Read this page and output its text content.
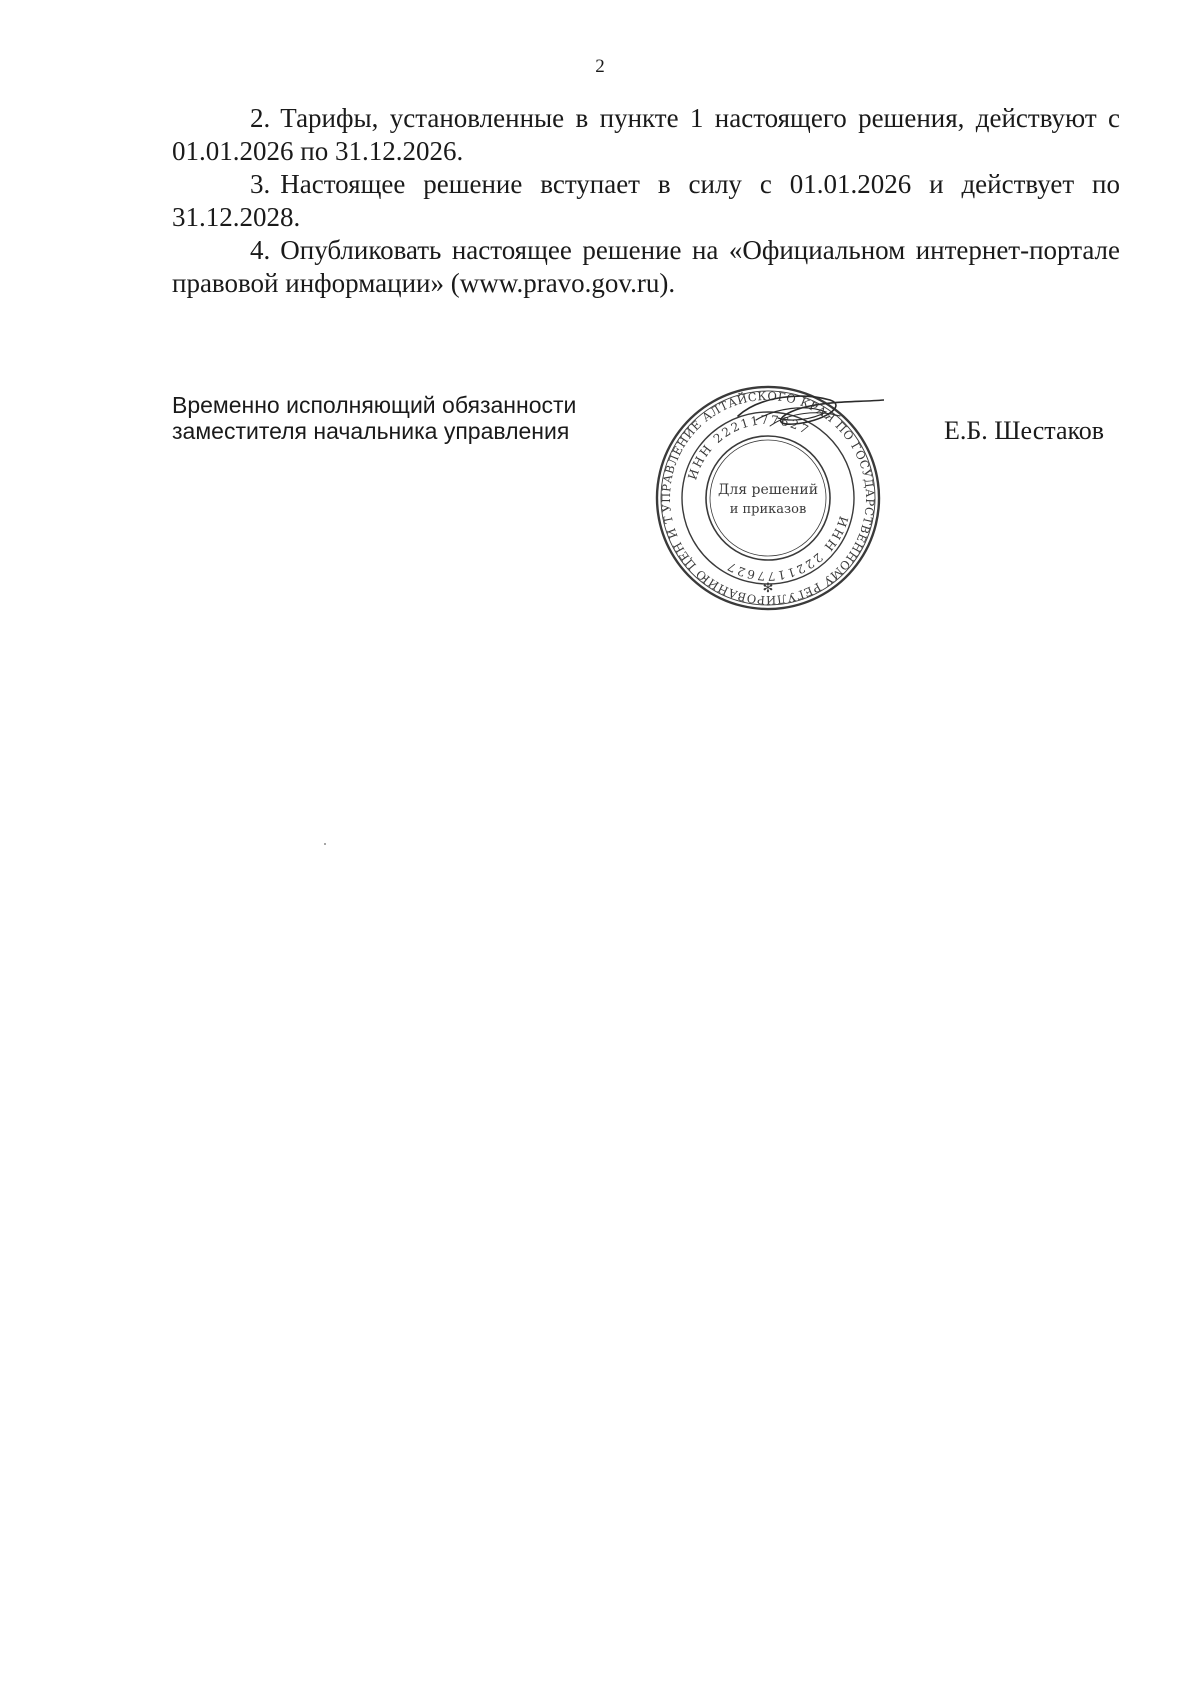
2

2. Тарифы, установленные в пункте 1 настоящего решения, действуют с 01.01.2026 по 31.12.2026.

3. Настоящее решение вступает в силу с 01.01.2026 и действует по 31.12.2028.

4. Опубликовать настоящее решение на «Официальном интернет-портале правовой информации» (www.pravo.gov.ru).

Временно исполняющий обязанности
заместителя начальника управления
УПРАВЛЕНИЕ АЛТАЙСКОГО КРАЯ ПО ГОСУДАРСТВЕННОМУ РЕГУЛИРОВАНИЮ ЦЕН И ТАРИФОВ
ИНН 2221177627
ИНН 2221177627
Для решений
и приказов
✻
Е.Б. Шестаков
